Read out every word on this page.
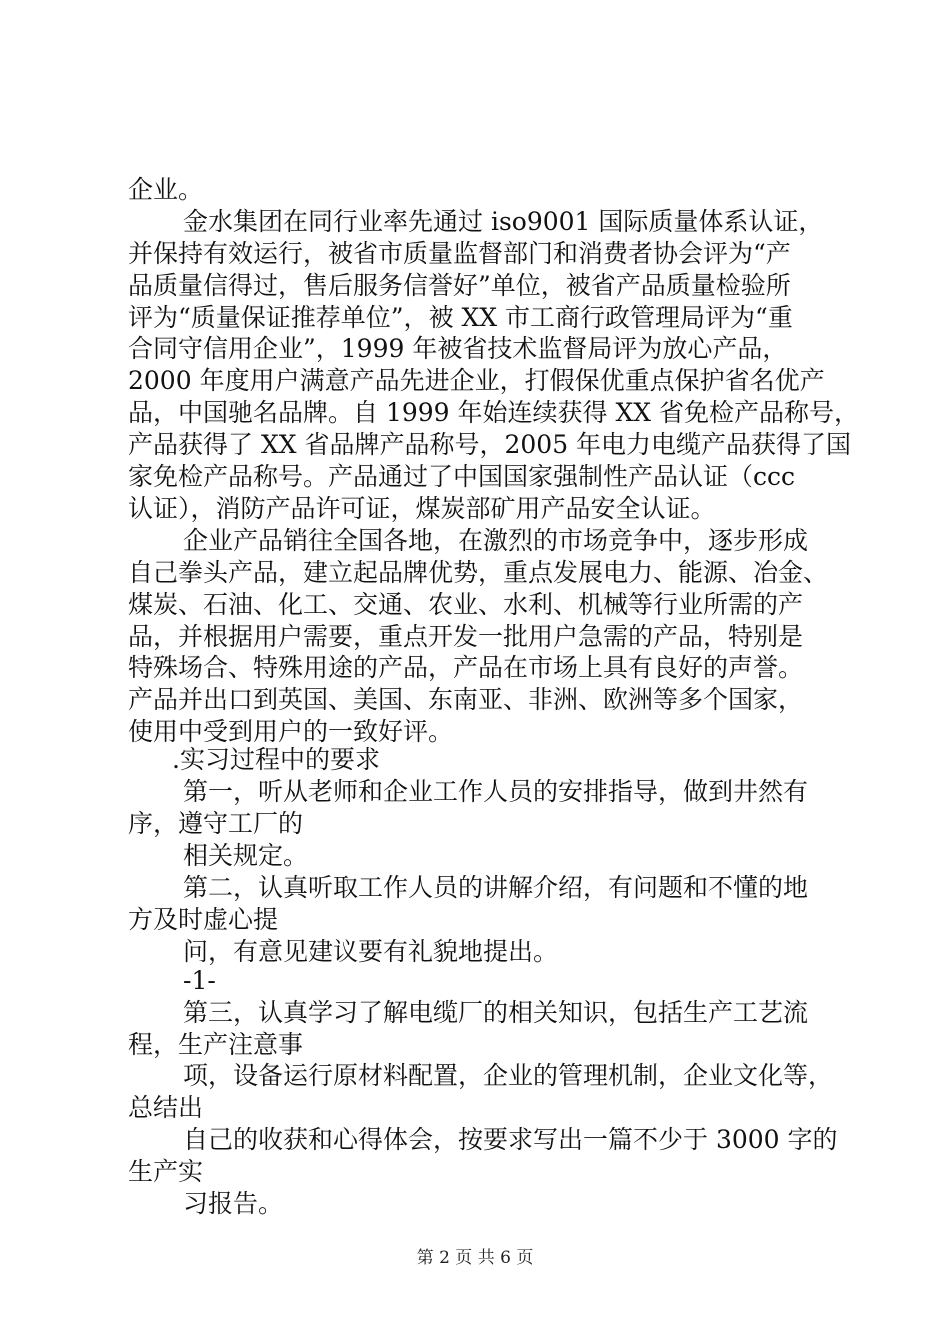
企业。
金水集团在同行业率先通过 iso9001 国际质量体系认证，
并保持有效运行，被省市质量监督部门和消费者协会评为“产
品质量信得过，售后服务信誉好”单位，被省产品质量检验所
评为“质量保证推荐单位”，被 XX 市工商行政管理局评为“重
合同守信用企业”，1999 年被省技术监督局评为放心产品，
2000 年度用户满意产品先进企业，打假保优重点保护省名优产
品，中国驰名品牌。自 1999 年始连续获得 XX 省免检产品称号，
产品获得了 XX 省品牌产品称号，2005 年电力电缆产品获得了国
家免检产品称号。产品通过了中国国家强制性产品认证（ccc
认证），消防产品许可证，煤炭部矿用产品安全认证。
企业产品销往全国各地，在激烈的市场竞争中，逐步形成
自己拳头产品，建立起品牌优势，重点发展电力、能源、冶金、
煤炭、石油、化工、交通、农业、水利、机械等行业所需的产
品，并根据用户需要，重点开发一批用户急需的产品，特别是
特殊场合、特殊用途的产品，产品在市场上具有良好的声誉。
产品并出口到英国、美国、东南亚、非洲、欧洲等多个国家，
使用中受到用户的一致好评。
.实习过程中的要求
第一，听从老师和企业工作人员的安排指导，做到井然有
序，遵守工厂的
相关规定。
第二，认真听取工作人员的讲解介绍，有问题和不懂的地
方及时虚心提
问，有意见建议要有礼貌地提出。
-1-
第三，认真学习了解电缆厂的相关知识，包括生产工艺流
程，生产注意事
项，设备运行原材料配置，企业的管理机制，企业文化等，
总结出
自己的收获和心得体会，按要求写出一篇不少于 3000 字的
生产实
习报告。
第 2 页 共 6 页
